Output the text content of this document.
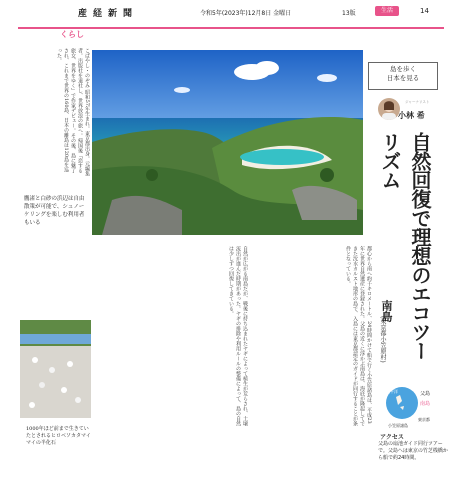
産経新聞	令和5年(2023年)12月8日 金曜日	13版	生活	14
くらし
こばやし・のぞみ 昭和57年生まれ。東京都出身。元編集者。出版社を退社し、世界放浪の旅へ。帰国後『恋する旅女、世界をゆく』で作家デビュー。その後、島に魅了され、これまで世界の160島、日本の離島は120島を巡った。
鷹渚と白砂の浜辺は自由散策が可能で、シュノーケリングを楽しむ利用者もいる
島を歩く
日本を見る
ジャーナリスト
小林 希
自然回復で理想のエコツーリズム
南島
(東京都小笠原村)
都心から南へ約千キロメートル、24時間かけて船で行く小笠原諸島は、平成23年に世界自然遺産に登録された。父島の近くに浮かぶ南島は、海底が隆起してできた沈水カルスト地形の島で、入島には東京都認定のガイドが同行することが条件となっている。
自然が広がる南島だが、戦後に持ち込まれたヤギによって植生が荒らされ、土壌流出が進んだ時期があった。ヤギの排除や利用ルールの整備によって、島の自然は少しずつ回復してきている。
1000年ほど前まで生きていたとされるヒロベソカタマイマイの半化石
太平洋	父島
南島
東京都
小笠原諸島
アクセス
父島の扇池ガイド同行ツアーで。父島へは東京の竹芝桟橋から船で約24時間。
